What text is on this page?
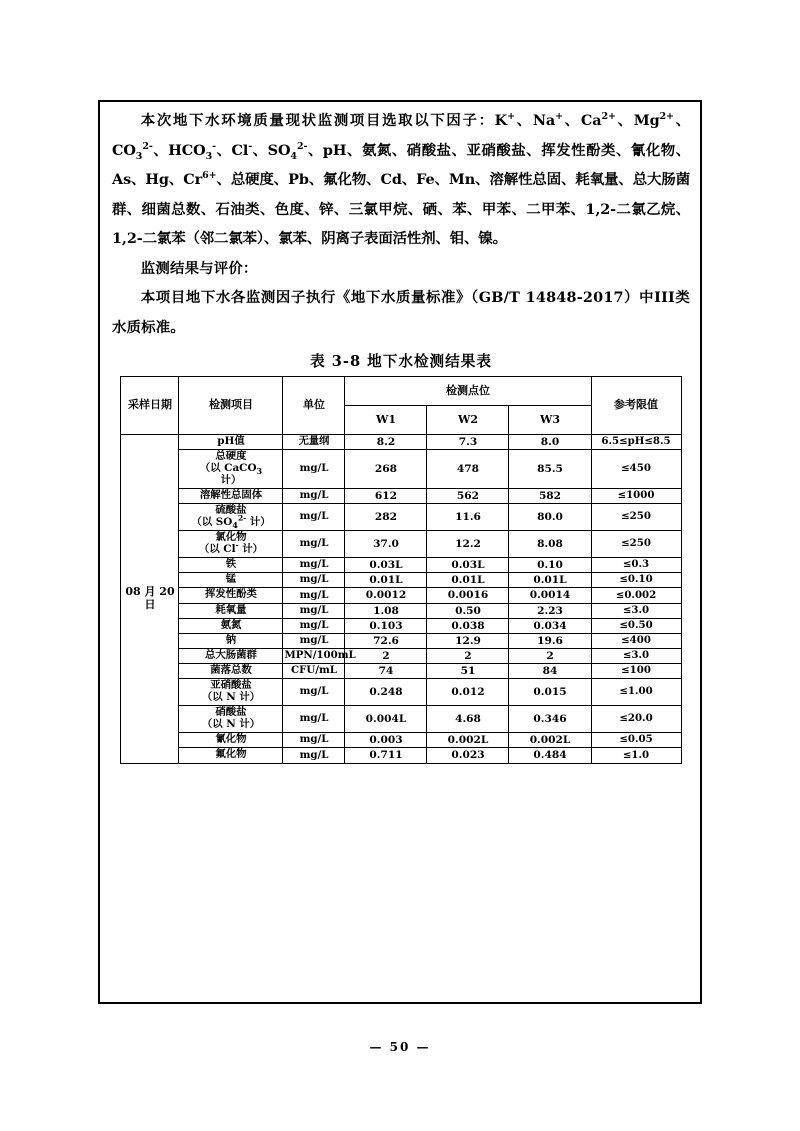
本次地下水环境质量现状监测项目选取以下因子：K+、Na+、$Ca^{2+}$、$Mg^{2+}$、$CO_3^{2-}$、$HCO_3^-$、Cl-、$SO_4^{2-}$、pH、氨氮、硝酸盐、亚硝酸盐、挥发性酚类、氰化物、As、Hg、$Cr^{6+}$、总硬度、Pb、氟化物、Cd、Fe、Mn、溶解性总固、耗氧量、总大肠菌群、细菌总数、石油类、色度、锌、三氯甲烷、硒、苯、甲苯、二甲苯、1,2-二氯乙烷、1,2-二氯苯（邻二氯苯）、氯苯、阴离子表面活性剂、钼、镍。

监测结果与评价：

本项目地下水各监测因子执行《地下水质量标准》（GB/T 14848-2017）中III类水质标准。

表 3-8 地下水检测结果表
采样日期	检测项目	单位	检测点位			参考限值
			W1	W2	W3	
08 月 20 日	pH值	无量纲	8.2	7.3	8.0	6.5≤pH≤8.5
	总硬度
（以 CaCO$_3$
计）	mg/L	268	478	85.5	≤450
	溶解性总固体	mg/L	612	562	582	≤1000
	硫酸盐
（以 $SO_4^{2-}$ 计）	mg/L	282	11.6	80.0	≤250
	氯化物
（以 Cl- 计）	mg/L	37.0	12.2	8.08	≤250
	铁	mg/L	0.03L	0.03L	0.10	≤0.3
	锰	mg/L	0.01L	0.01L	0.01L	≤0.10
	挥发性酚类	mg/L	0.0012	0.0016	0.0014	≤0.002
	耗氧量	mg/L	1.08	0.50	2.23	≤3.0
	氨氮	mg/L	0.103	0.038	0.034	≤0.50
	钠	mg/L	72.6	12.9	19.6	≤400
	总大肠菌群	MPN/100mL	2	2	2	≤3.0
	菌落总数	CFU/mL	74	51	84	≤100
	亚硝酸盐
（以 N 计）	mg/L	0.248	0.012	0.015	≤1.00
	硝酸盐
（以 N 计）	mg/L	0.004L	4.68	0.346	≤20.0
	氰化物	mg/L	0.003	0.002L	0.002L	≤0.05
	氟化物	mg/L	0.711	0.023	0.484	≤1.0
— 50 —
